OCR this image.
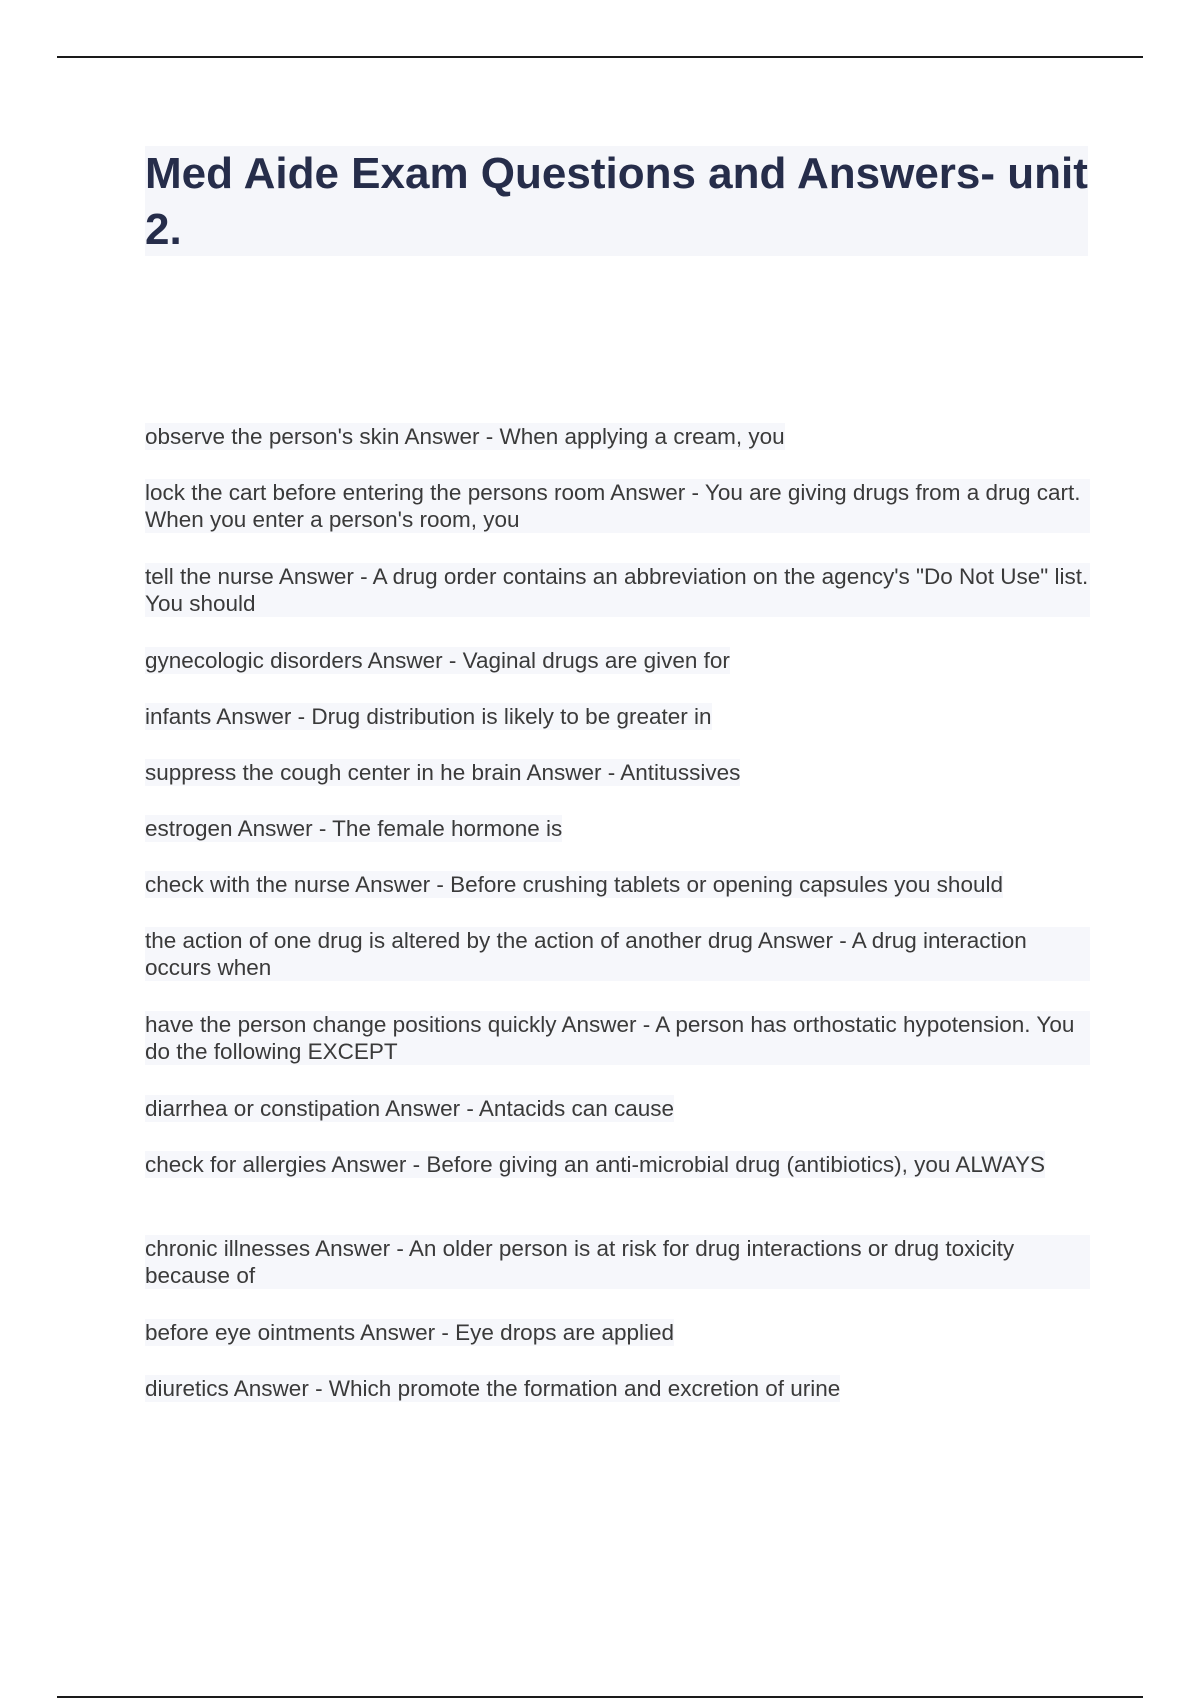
Med Aide Exam Questions and Answers- unit 2.

observe the person's skin Answer - When applying a cream, you

lock the cart before entering the persons room Answer - You are giving drugs from a drug cart. When you enter a person's room, you

tell the nurse Answer - A drug order contains an abbreviation on the agency's "Do Not Use" list. You should

gynecologic disorders Answer - Vaginal drugs are given for

infants Answer - Drug distribution is likely to be greater in

suppress the cough center in he brain Answer - Antitussives

estrogen Answer - The female hormone is

check with the nurse Answer - Before crushing tablets or opening capsules you should

the action of one drug is altered by the action of another drug Answer - A drug interaction occurs when

have the person change positions quickly Answer - A person has orthostatic hypotension. You do the following EXCEPT

diarrhea or constipation Answer - Antacids can cause

check for allergies Answer - Before giving an anti-microbial drug (antibiotics), you ALWAYS

chronic illnesses Answer - An older person is at risk for drug interactions or drug toxicity because of

before eye ointments Answer - Eye drops are applied

diuretics Answer - Which promote the formation and excretion of urine
